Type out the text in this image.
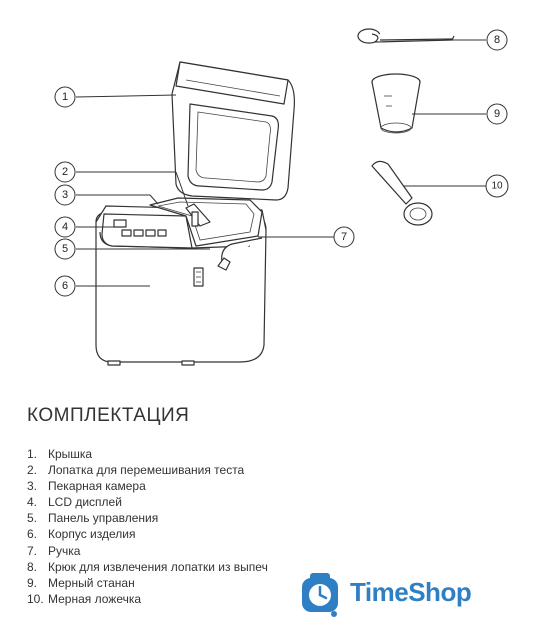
1
2
3
4
5
6
7
8
9
10
КОМПЛЕКТАЦИЯ
1. Крышка
2. Лопатка для перемешивания теста
3. Пекарная камера
4. LCD дисплей
5. Панель управления
6. Корпус изделия
7. Ручка
8. Крюк для извлечения лопатки из выпеч
9. Мерный станан
10. Мерная ложечка	TimeShop
